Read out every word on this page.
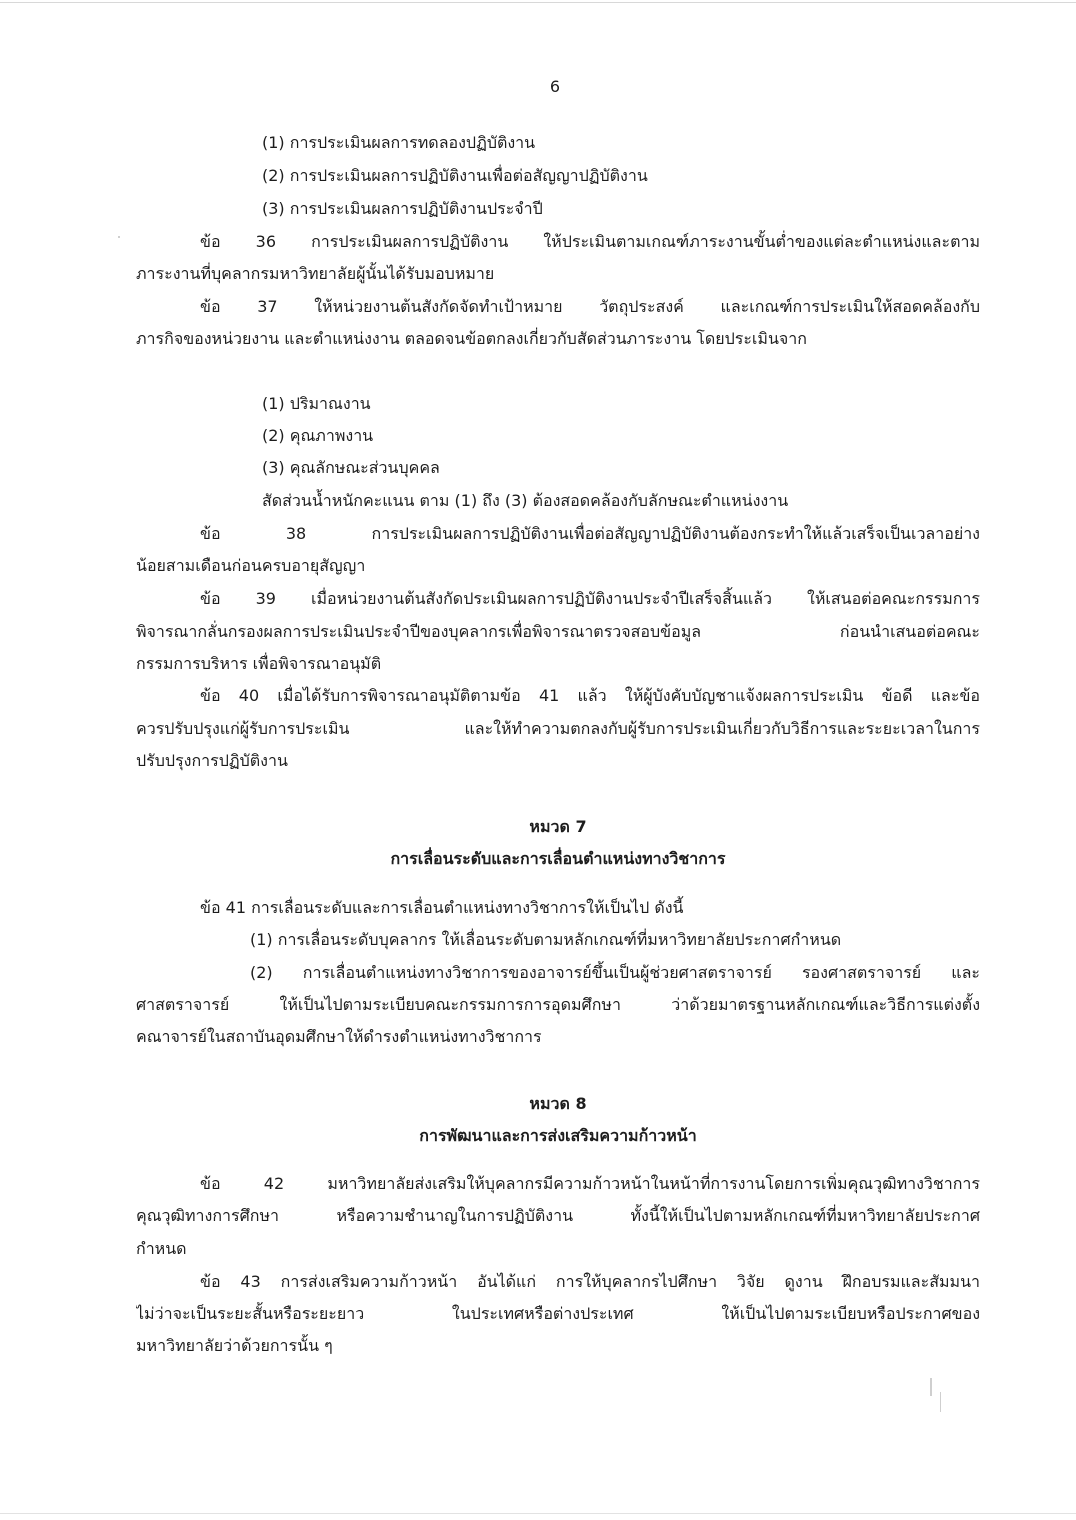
6
(1) การประเมินผลการทดลองปฏิบัติงาน
(2) การประเมินผลการปฏิบัติงานเพื่อต่อสัญญาปฏิบัติงาน
(3) การประเมินผลการปฏิบัติงานประจำปี
ข้อ 36 การประเมินผลการปฏิบัติงาน ให้ประเมินตามเกณฑ์ภาระงานขั้นต่ำของแต่ละตำแหน่งและตาม
ภาระงานที่บุคลากรมหาวิทยาลัยผู้นั้นได้รับมอบหมาย
ข้อ 37 ให้หน่วยงานต้นสังกัดจัดทำเป้าหมาย วัตถุประสงค์ และเกณฑ์การประเมินให้สอดคล้องกับ
ภารกิจของหน่วยงาน และตำแหน่งงาน ตลอดจนข้อตกลงเกี่ยวกับสัดส่วนภาระงาน โดยประเมินจาก
(1) ปริมาณงาน
(2) คุณภาพงาน
(3) คุณลักษณะส่วนบุคคล
สัดส่วนน้ำหนักคะแนน ตาม (1) ถึง (3) ต้องสอดคล้องกับลักษณะตำแหน่งงาน
ข้อ 38 การประเมินผลการปฏิบัติงานเพื่อต่อสัญญาปฏิบัติงานต้องกระทำให้แล้วเสร็จเป็นเวลาอย่าง
น้อยสามเดือนก่อนครบอายุสัญญา
ข้อ 39 เมื่อหน่วยงานต้นสังกัดประเมินผลการปฏิบัติงานประจำปีเสร็จสิ้นแล้ว ให้เสนอต่อคณะกรรมการ
พิจารณากลั่นกรองผลการประเมินประจำปีของบุคลากรเพื่อพิจารณาตรวจสอบข้อมูล ก่อนนำเสนอต่อคณะ
กรรมการบริหาร เพื่อพิจารณาอนุมัติ
ข้อ 40 เมื่อได้รับการพิจารณาอนุมัติตามข้อ 41 แล้ว ให้ผู้บังคับบัญชาแจ้งผลการประเมิน ข้อดี และข้อ
ควรปรับปรุงแก่ผู้รับการประเมิน และให้ทำความตกลงกับผู้รับการประเมินเกี่ยวกับวิธีการและระยะเวลาในการ
ปรับปรุงการปฏิบัติงาน
หมวด 7
การเลื่อนระดับและการเลื่อนตำแหน่งทางวิชาการ
ข้อ 41 การเลื่อนระดับและการเลื่อนตำแหน่งทางวิชาการให้เป็นไป ดังนี้
(1) การเลื่อนระดับบุคลากร ให้เลื่อนระดับตามหลักเกณฑ์ที่มหาวิทยาลัยประกาศกำหนด
(2) การเลื่อนตำแหน่งทางวิชาการของอาจารย์ขึ้นเป็นผู้ช่วยศาสตราจารย์ รองศาสตราจารย์ และ
ศาสตราจารย์ ให้เป็นไปตามระเบียบคณะกรรมการการอุดมศึกษา ว่าด้วยมาตรฐานหลักเกณฑ์และวิธีการแต่งตั้ง
คณาจารย์ในสถาบันอุดมศึกษาให้ดำรงตำแหน่งทางวิชาการ
หมวด 8
การพัฒนาและการส่งเสริมความก้าวหน้า
ข้อ 42 มหาวิทยาลัยส่งเสริมให้บุคลากรมีความก้าวหน้าในหน้าที่การงานโดยการเพิ่มคุณวุฒิทางวิชาการ
คุณวุฒิทางการศึกษา หรือความชำนาญในการปฏิบัติงาน ทั้งนี้ให้เป็นไปตามหลักเกณฑ์ที่มหาวิทยาลัยประกาศ
กำหนด
ข้อ 43 การส่งเสริมความก้าวหน้า อันได้แก่ การให้บุคลากรไปศึกษา วิจัย ดูงาน ฝึกอบรมและสัมมนา
ไม่ว่าจะเป็นระยะสั้นหรือระยะยาว ในประเทศหรือต่างประเทศ ให้เป็นไปตามระเบียบหรือประกาศของ
มหาวิทยาลัยว่าด้วยการนั้น ๆ
